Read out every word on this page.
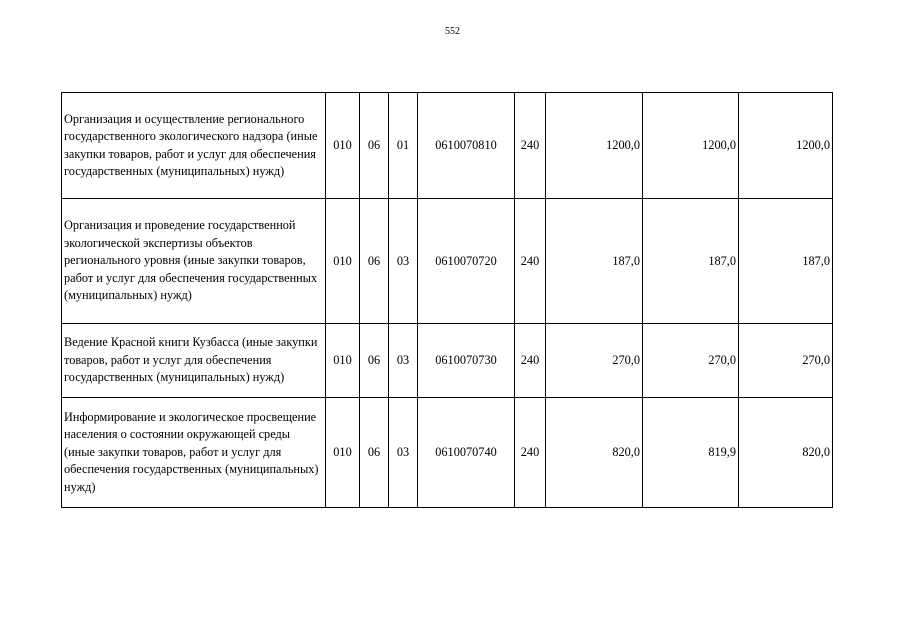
552
Организация и осуществление регионального государственного экологического надзора (иные закупки товаров, работ и услуг для обеспечения государственных (муниципальных) нужд)	010	06	01	0610070810	240	1200,0	1200,0	1200,0
Организация и проведение государственной экологической экспертизы объектов регионального уровня (иные закупки товаров, работ и услуг для обеспечения государственных (муниципальных) нужд)	010	06	03	0610070720	240	187,0	187,0	187,0
Ведение Красной книги Кузбасса (иные закупки товаров, работ и услуг для обеспечения государственных (муниципальных) нужд)	010	06	03	0610070730	240	270,0	270,0	270,0
Информирование и экологическое просвещение населения о состоянии окружающей среды (иные закупки товаров, работ и услуг для обеспечения государственных (муниципальных) нужд)	010	06	03	0610070740	240	820,0	819,9	820,0
